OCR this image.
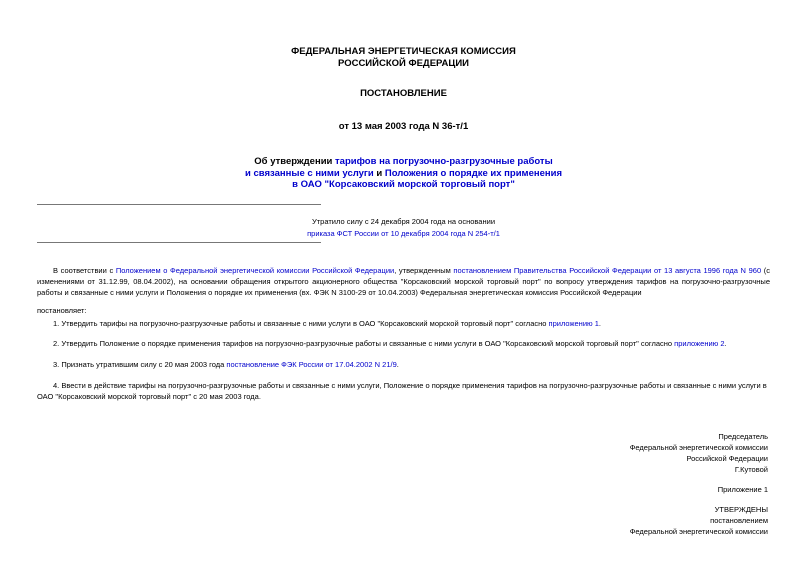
ФЕДЕРАЛЬНАЯ ЭНЕРГЕТИЧЕСКАЯ КОМИССИЯ
РОССИЙСКОЙ ФЕДЕРАЦИИ
ПОСТАНОВЛЕНИЕ
от 13 мая 2003 года N 36-т/1
Об утверждении тарифов на погрузочно-разгрузочные работы
и связанные с ними услуги и Положения о порядке их применения
в ОАО "Корсаковский морской торговый порт"
Утратило силу с 24 декабря 2004 года на основании
приказа ФСТ России от 10 декабря 2004 года N 254-т/1
В соответствии с Положением о Федеральной энергетической комиссии Российской Федерации, утвержденным постановлением Правительства Российской Федерации от 13 августа 1996 года N 960 (с изменениями от 31.12.99, 08.04.2002), на основании обращения открытого акционерного общества "Корсаковский морской торговый порт" по вопросу утверждения тарифов на погрузочно-разгрузочные работы и связанные с ними услуги и Положения о порядке их применения (вх. ФЭК N 3100-29 от 10.04.2003) Федеральная энергетическая комиссия Российской Федерации
постановляет:
1. Утвердить тарифы на погрузочно-разгрузочные работы и связанные с ними услуги в ОАО "Корсаковский морской торговый порт" согласно приложению 1.
2. Утвердить Положение о порядке применения тарифов на погрузочно-разгрузочные работы и связанные с ними услуги в ОАО "Корсаковский морской торговый порт" согласно приложению 2.
3. Признать утратившим силу с 20 мая 2003 года постановление ФЭК России от 17.04.2002 N 21/9.
4. Ввести в действие тарифы на погрузочно-разгрузочные работы и связанные с ними услуги, Положение о порядке применения тарифов на погрузочно-разгрузочные работы и связанные с ними услуги в ОАО "Корсаковский морской торговый порт" с 20 мая 2003 года.
Председатель
Федеральной энергетической комиссии
Российской Федерации
Г.Кутовой
Приложение 1
УТВЕРЖДЕНЫ
постановлением
Федеральной энергетической комиссии
